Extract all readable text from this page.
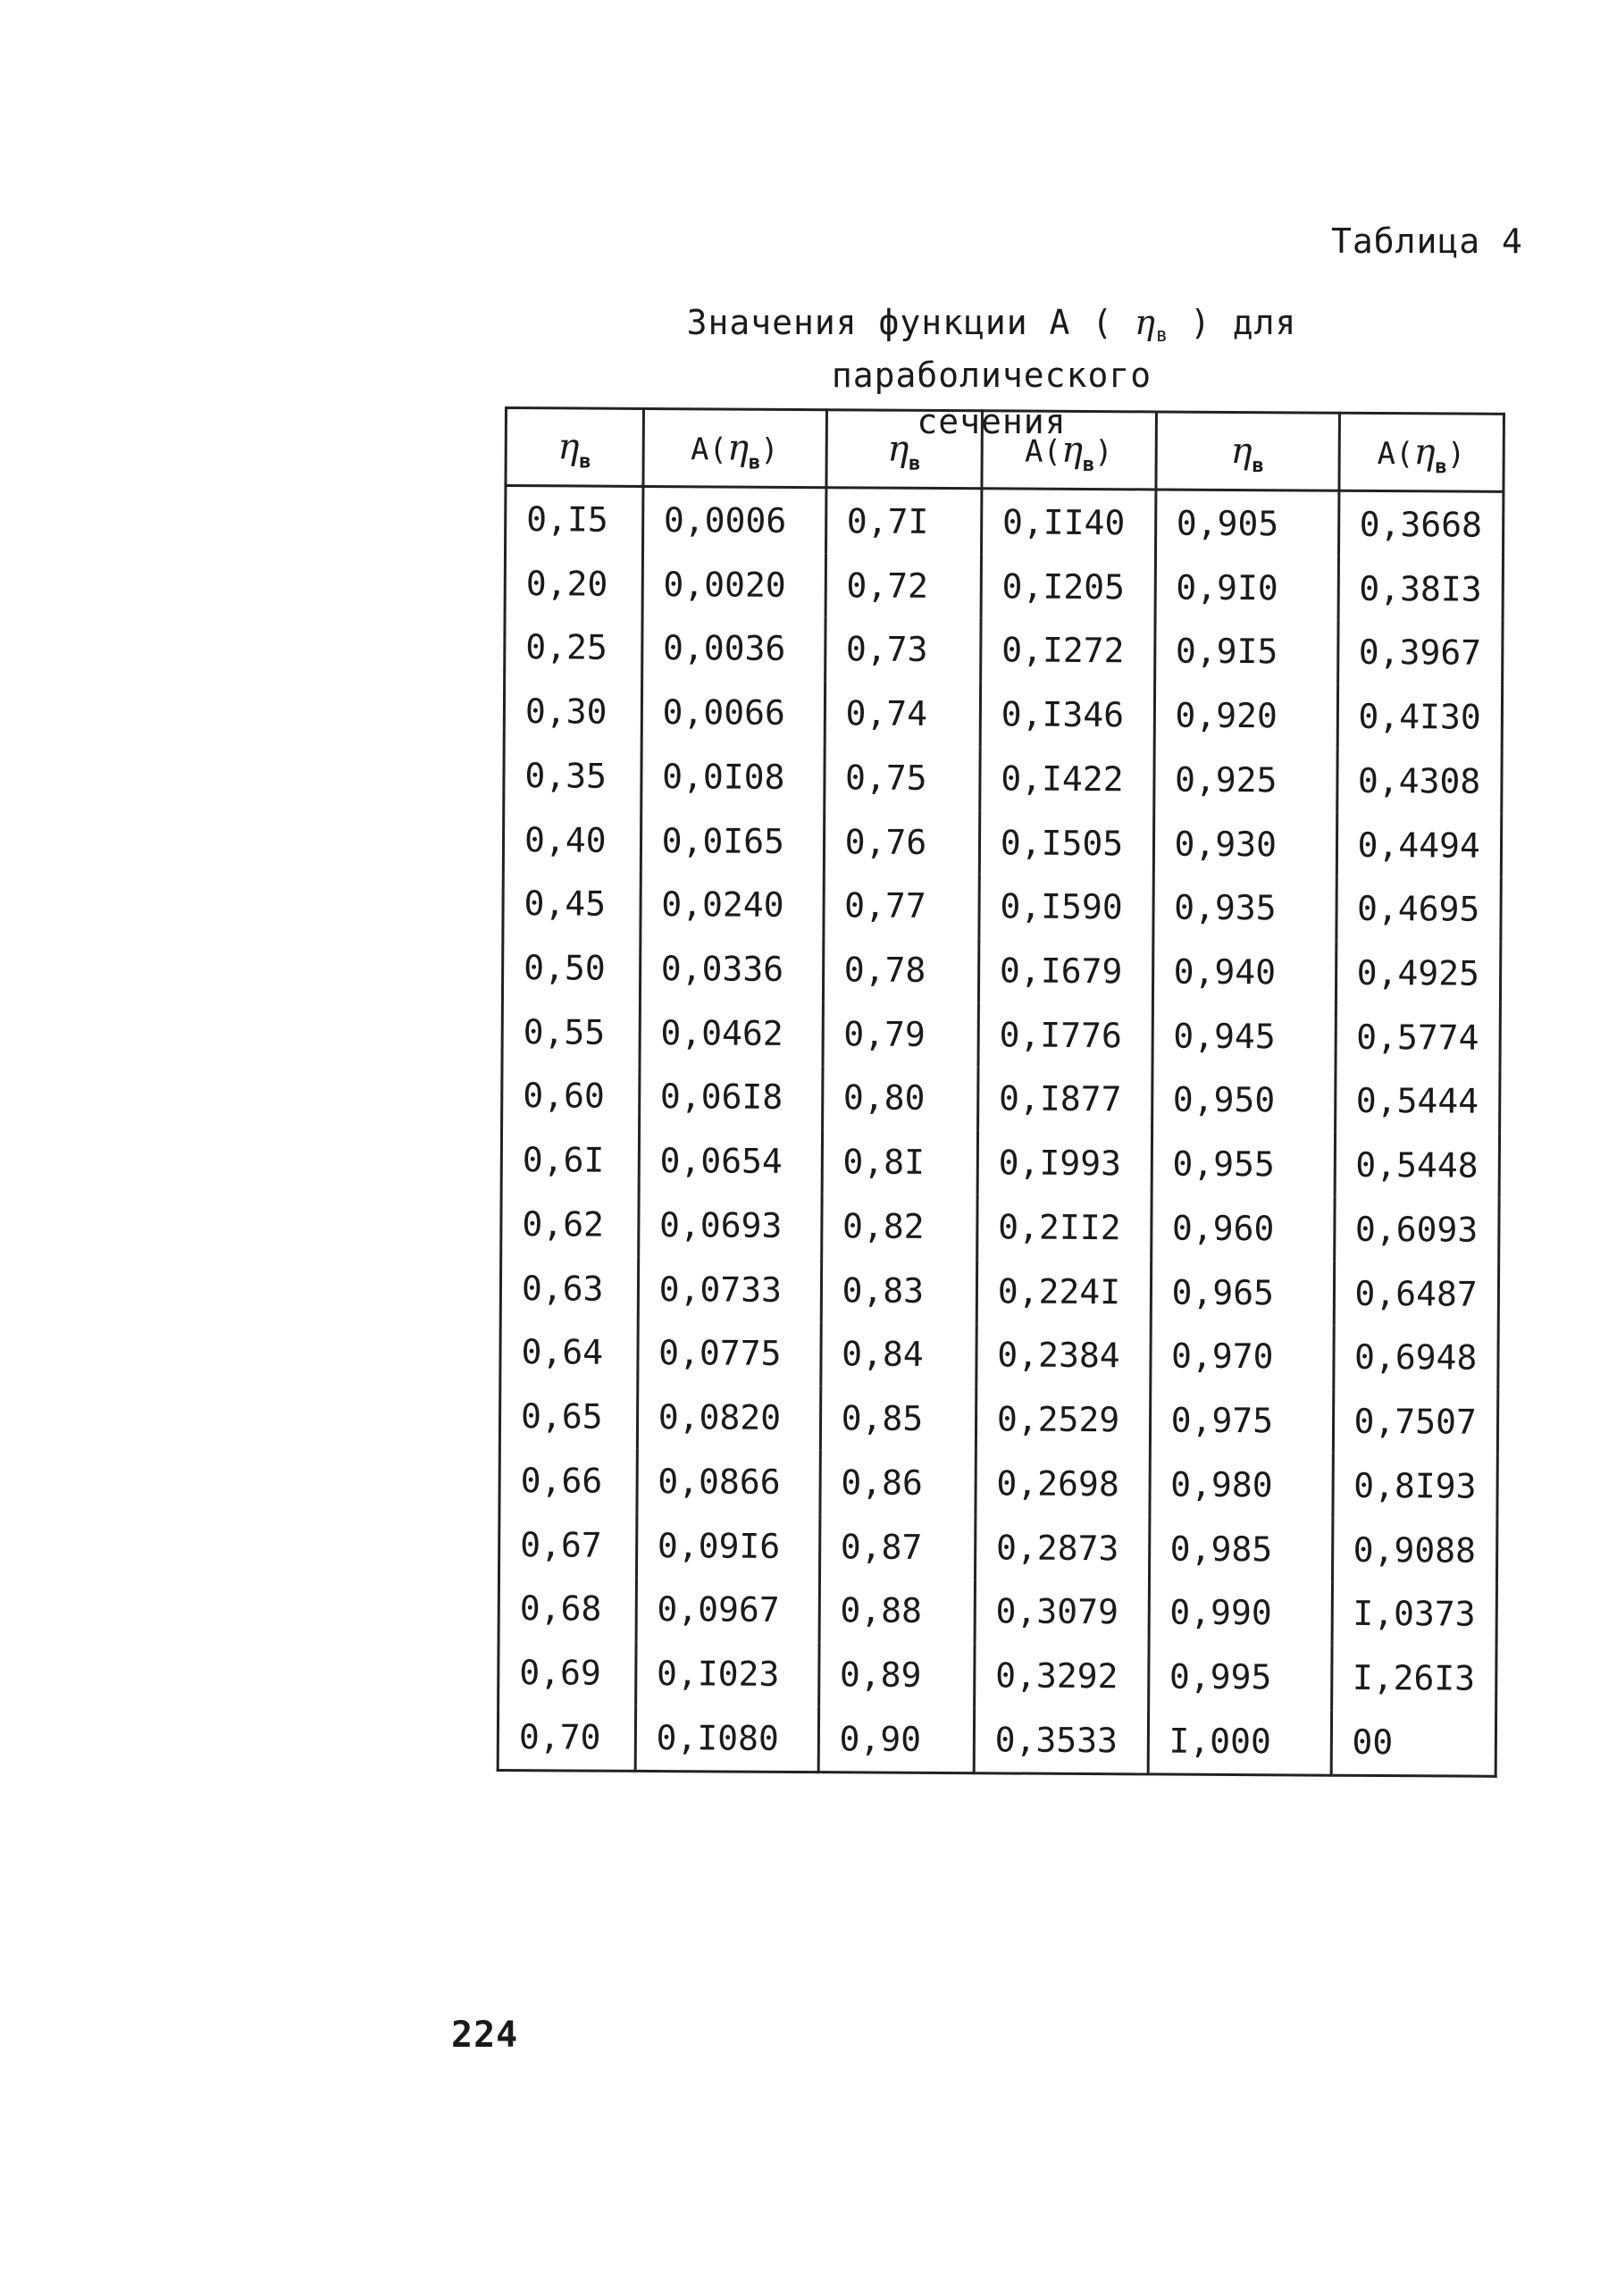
Таблица 4
Значения функции A ( $\eta_в$ ) для параболического
сечения
$\eta_в$	$A(\eta_в)$	$\eta_в$	$A(\eta_в)$	$\eta_в$	$A(\eta_в)$
0,I5	0,0006	0,7I	0,II40	0,905	0,3668
0,20	0,0020	0,72	0,I205	0,9I0	0,38I3
0,25	0,0036	0,73	0,I272	0,9I5	0,3967
0,30	0,0066	0,74	0,I346	0,920	0,4I30
0,35	0,0I08	0,75	0,I422	0,925	0,4308
0,40	0,0I65	0,76	0,I505	0,930	0,4494
0,45	0,0240	0,77	0,I590	0,935	0,4695
0,50	0,0336	0,78	0,I679	0,940	0,4925
0,55	0,0462	0,79	0,I776	0,945	0,5774
0,60	0,06I8	0,80	0,I877	0,950	0,5444
0,6I	0,0654	0,8I	0,I993	0,955	0,5448
0,62	0,0693	0,82	0,2II2	0,960	0,6093
0,63	0,0733	0,83	0,224I	0,965	0,6487
0,64	0,0775	0,84	0,2384	0,970	0,6948
0,65	0,0820	0,85	0,2529	0,975	0,7507
0,66	0,0866	0,86	0,2698	0,980	0,8I93
0,67	0,09I6	0,87	0,2873	0,985	0,9088
0,68	0,0967	0,88	0,3079	0,990	I,0373
0,69	0,I023	0,89	0,3292	0,995	I,26I3
0,70	0,I080	0,90	0,3533	I,000	00
224
